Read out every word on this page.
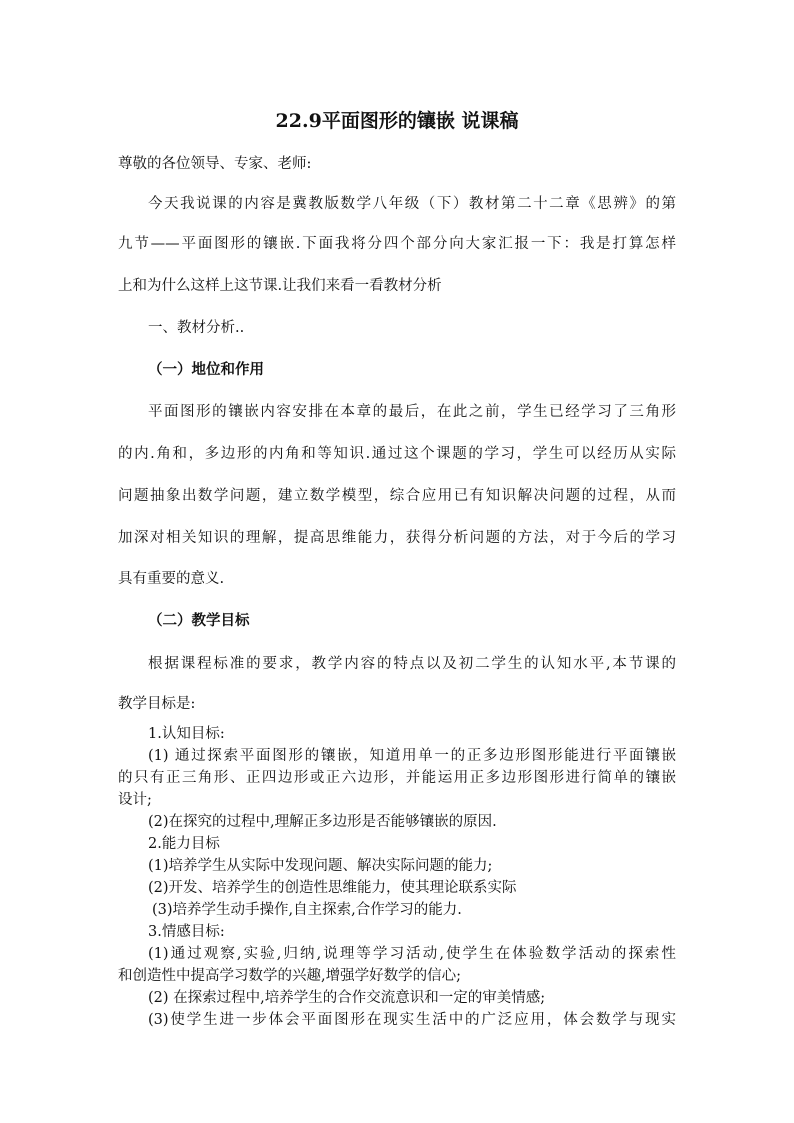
22.9平面图形的镶嵌 说课稿
尊敬的各位领导、专家、老师:
今天我说课的内容是冀教版数学八年级（下）教材第二十二章《思辨》的第
九节——平面图形的镶嵌.下面我将分四个部分向大家汇报一下：我是打算怎样
上和为什么这样上这节课.让我们来看一看教材分析
一、教材分析..
（一）地位和作用
平面图形的镶嵌内容安排在本章的最后，在此之前，学生已经学习了三角形
的内.角和，多边形的内角和等知识.通过这个课题的学习，学生可以经历从实际
问题抽象出数学问题，建立数学模型，综合应用已有知识解决问题的过程，从而
加深对相关知识的理解，提高思维能力，获得分析问题的方法，对于今后的学习
具有重要的意义.
（二）教学目标
根据课程标准的要求，教学内容的特点以及初二学生的认知水平,本节课的
教学目标是:
1.认知目标:
(1) 通过探索平面图形的镶嵌，知道用单一的正多边形图形能进行平面镶嵌
的只有正三角形、正四边形或正六边形，并能运用正多边形图形进行简单的镶嵌
设计;
(2)在探究的过程中,理解正多边形是否能够镶嵌的原因.
2.能力目标
(1)培养学生从实际中发现问题、解决实际问题的能力;
(2)开发、培养学生的创造性思维能力，使其理论联系实际
(3)培养学生动手操作,自主探索,合作学习的能力.
3.情感目标:
(1)通过观察,实验,归纳,说理等学习活动,使学生在体验数学活动的探索性
和创造性中提高学习数学的兴趣,增强学好数学的信心;
(2) 在探索过程中,培养学生的合作交流意识和一定的审美情感;
(3)使学生进一步体会平面图形在现实生活中的广泛应用，体会数学与现实
